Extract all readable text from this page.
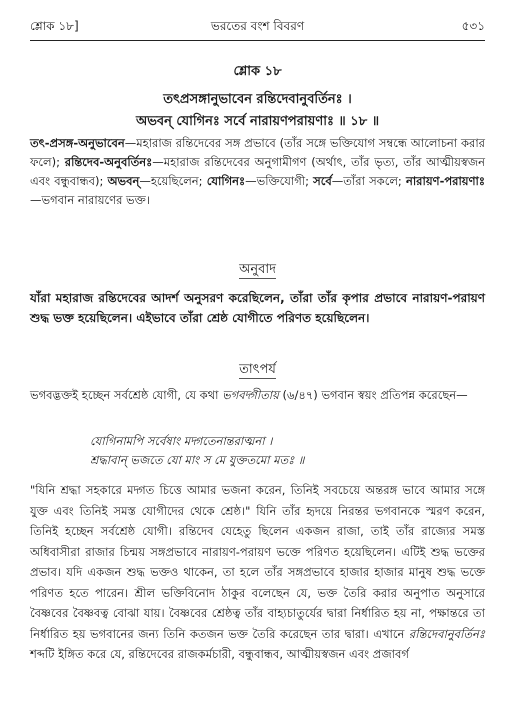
ভরতের বংশ বিবরণ
শ্লোক ১৮]	৫৩১
শ্লোক ১৮
তৎপ্রসঙ্গানুভাবেন রন্তিদেবানুবর্তিনঃ ।
অভবন্ যোগিনঃ সর্বে নারায়ণপরায়ণাঃ ॥ ১৮ ॥
তৎ-প্রসঙ্গ-অনুভাবেন—মহারাজ রন্তিদেবের সঙ্গ প্রভাবে (তাঁর সঙ্গে ভক্তিযোগ সম্বন্ধে আলোচনা করার ফলে); রন্তিদেব-অনুবর্তিনঃ—মহারাজ রন্তিদেবের অনুগামীগণ (অর্থাৎ, তাঁর ভৃত্য, তাঁর আত্মীয়স্বজন এবং বন্ধুবান্ধব); অভবন্—হয়েছিলেন; যোগিনঃ—ভক্তিযোগী; সর্বে—তাঁরা সকলে; নারায়ণ-পরায়ণাঃ—ভগবান নারায়ণের ভক্ত।
অনুবাদ
যাঁরা মহারাজ রন্তিদেবের আদর্শ অনুসরণ করেছিলেন, তাঁরা তাঁর কৃপার প্রভাবে নারায়ণ-পরায়ণ শুদ্ধ ভক্ত হয়েছিলেন। এইভাবে তাঁরা শ্রেষ্ঠ যোগীতে পরিণত হয়েছিলেন।
তাৎপর্য
ভগবদ্ভক্তই হচ্ছেন সর্বশ্রেষ্ঠ যোগী, যে কথা ভগবদ্গীতায় (৬/৪৭) ভগবান স্বয়ং প্রতিপন্ন করেছেন—
যোগিনামপি সর্বেষাং মদ্গতেনান্তরাত্মনা ।
শ্রদ্ধাবান্ ভজতে যো মাং স মে যুক্ততমো মতঃ ॥
"যিনি শ্রদ্ধা সহকারে মদ্গত চিত্তে আমার ভজনা করেন, তিনিই সবচেয়ে অন্তরঙ্গ ভাবে আমার সঙ্গে যুক্ত এবং তিনিই সমস্ত যোগীদের থেকে শ্রেষ্ঠ।" যিনি তাঁর হৃদয়ে নিরন্তর ভগবানকে স্মরণ করেন, তিনিই হচ্ছেন সর্বশ্রেষ্ঠ যোগী। রন্তিদেব যেহেতু ছিলেন একজন রাজা, তাই তাঁর রাজ্যের সমস্ত অধিবাসীরা রাজার চিন্ময় সঙ্গপ্রভাবে নারায়ণ-পরায়ণ ভক্তে পরিণত হয়েছিলেন। এটিই শুদ্ধ ভক্তের প্রভাব। যদি একজন শুদ্ধ ভক্তও থাকেন, তা হলে তাঁর সঙ্গপ্রভাবে হাজার হাজার মানুষ শুদ্ধ ভক্তে পরিণত হতে পারেন। শ্রীল ভক্তিবিনোদ ঠাকুর বলেছেন যে, ভক্ত তৈরি করার অনুপাত অনুসারে বৈষ্ণবের বৈষ্ণবত্ব বোঝা যায়। বৈষ্ণবের শ্রেষ্ঠত্ব তাঁর বাহ্যচাতুর্যের দ্বারা নির্ধারিত হয় না, পক্ষান্তরে তা নির্ধারিত হয় ভগবানের জন্য তিনি কতজন ভক্ত তৈরি করেছেন তার দ্বারা। এখানে রন্তিদেবানুবর্তিনঃ শব্দটি ইঙ্গিত করে যে, রন্তিদেবের রাজকর্মচারী, বন্ধুবান্ধব, আত্মীয়স্বজন এবং প্রজাবর্গ
